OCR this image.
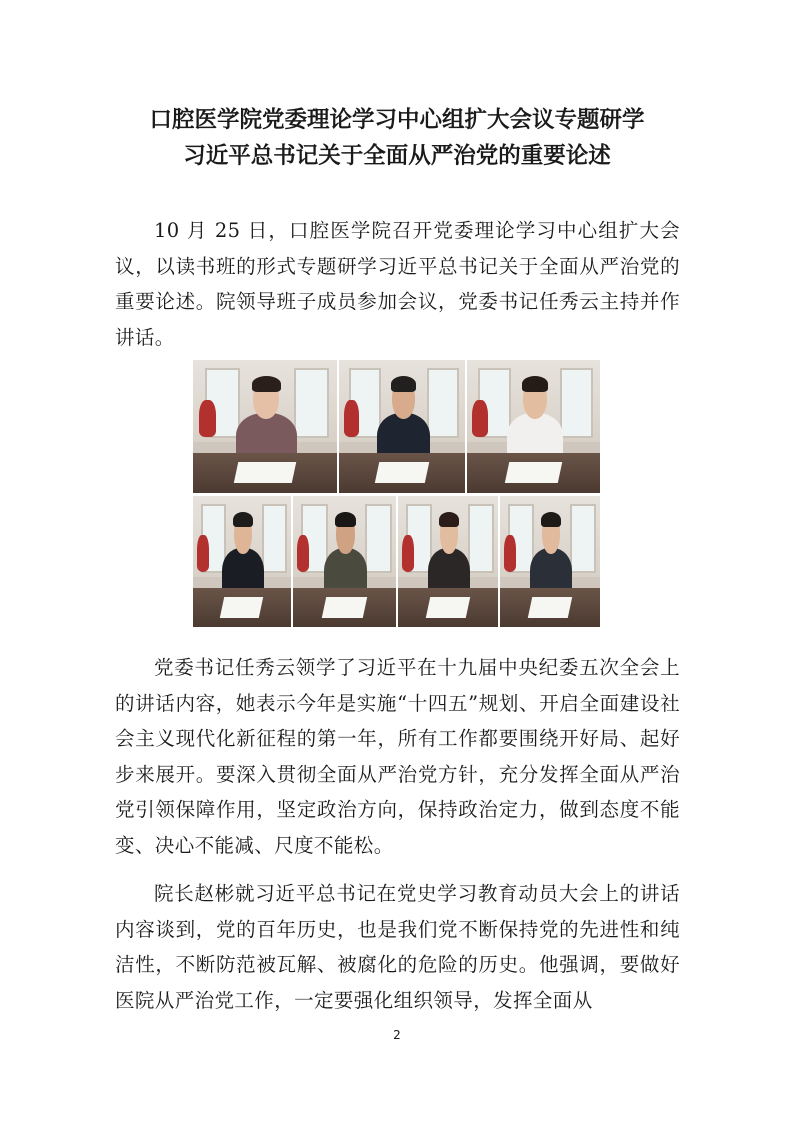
口腔医学院党委理论学习中心组扩大会议专题研学
习近平总书记关于全面从严治党的重要论述

10 月 25 日，口腔医学院召开党委理论学习中心组扩大会议，以读书班的形式专题研学习近平总书记关于全面从严治党的重要论述。院领导班子成员参加会议，党委书记任秀云主持并作讲话。

党委书记任秀云领学了习近平在十九届中央纪委五次全会上的讲话内容，她表示今年是实施“十四五”规划、开启全面建设社会主义现代化新征程的第一年，所有工作都要围绕开好局、起好步来展开。要深入贯彻全面从严治党方针，充分发挥全面从严治党引领保障作用，坚定政治方向，保持政治定力，做到态度不能变、决心不能减、尺度不能松。

院长赵彬就习近平总书记在党史学习教育动员大会上的讲话内容谈到，党的百年历史，也是我们党不断保持党的先进性和纯洁性，不断防范被瓦解、被腐化的危险的历史。他强调，要做好医院从严治党工作，一定要强化组织领导，发挥全面从

2
